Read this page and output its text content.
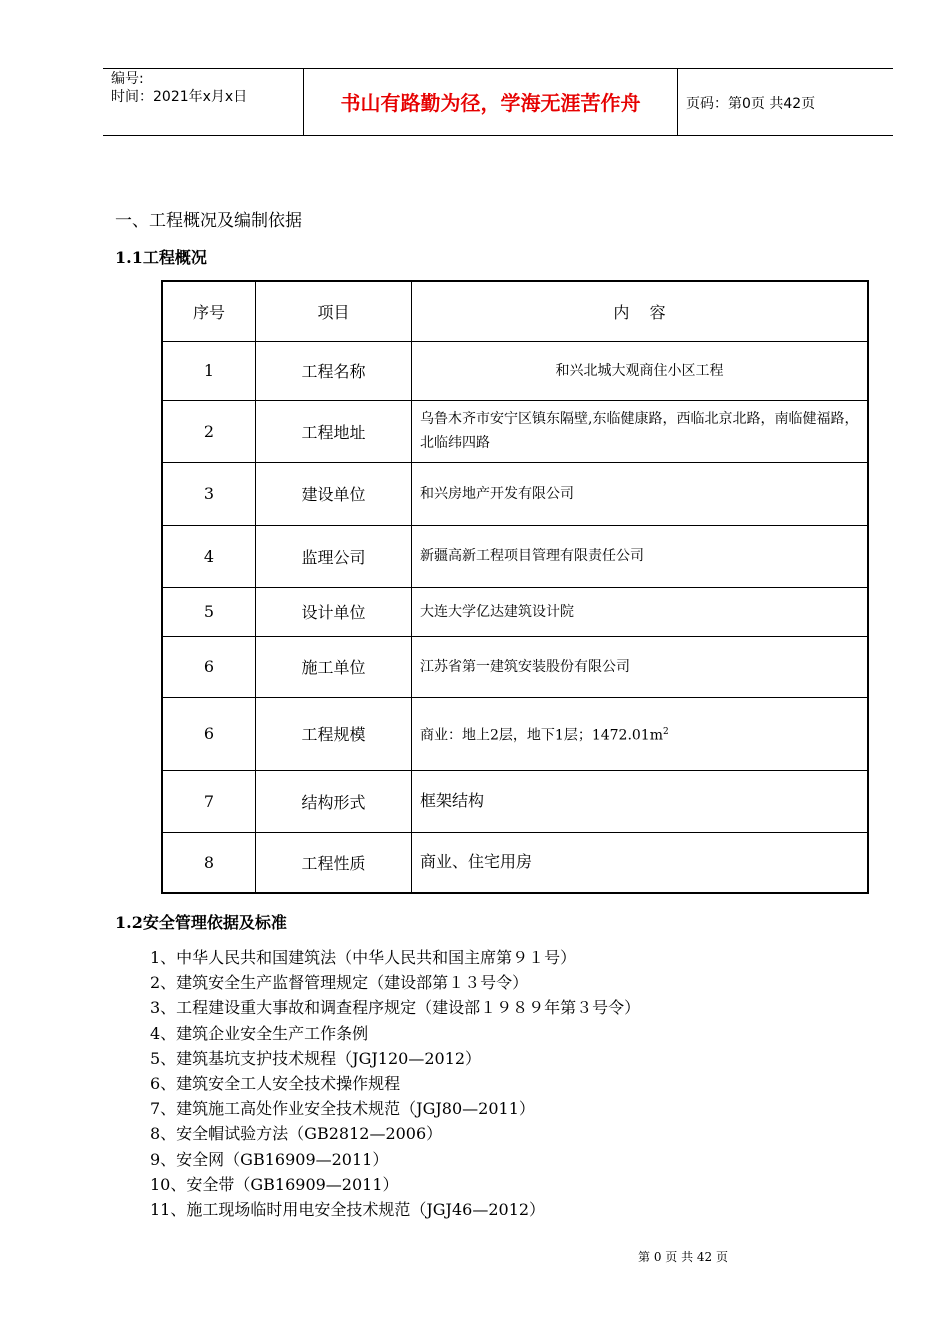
编号:
时间：2021年x月x日	书山有路勤为径，学海无涯苦作舟	页码：第0页 共42页
一、工程概况及编制依据
1.1工程概况
序号	项目	内    容
1	工程名称	和兴北城大观商住小区工程
2	工程地址	乌鲁木齐市安宁区镇东隔壁,东临健康路，西临北京北路，南临健福路，北临纬四路
3	建设单位	和兴房地产开发有限公司
4	监理公司	新疆高新工程项目管理有限责任公司
5	设计单位	大连大学亿达建筑设计院
6	施工单位	江苏省第一建筑安装股份有限公司
6	工程规模	商业：地上2层，地下1层；$1472.01m^2$
7	结构形式	框架结构
8	工程性质	商业、住宅用房
1.2安全管理依据及标准
1、中华人民共和国建筑法（中华人民共和国主席第９１号）
2、建筑安全生产监督管理规定（建设部第１３号令）
3、工程建设重大事故和调查程序规定（建设部１９８９年第３号令）
4、建筑企业安全生产工作条例
5、建筑基坑支护技术规程（JGJ120—2012）
6、建筑安全工人安全技术操作规程
7、建筑施工高处作业安全技术规范（JGJ80—2011）
8、安全帽试验方法（GB2812—2006）
9、安全网（GB16909—2011）
10、安全带（GB16909—2011）
11、施工现场临时用电安全技术规范（JGJ46—2012）
第 0 页 共 42 页
